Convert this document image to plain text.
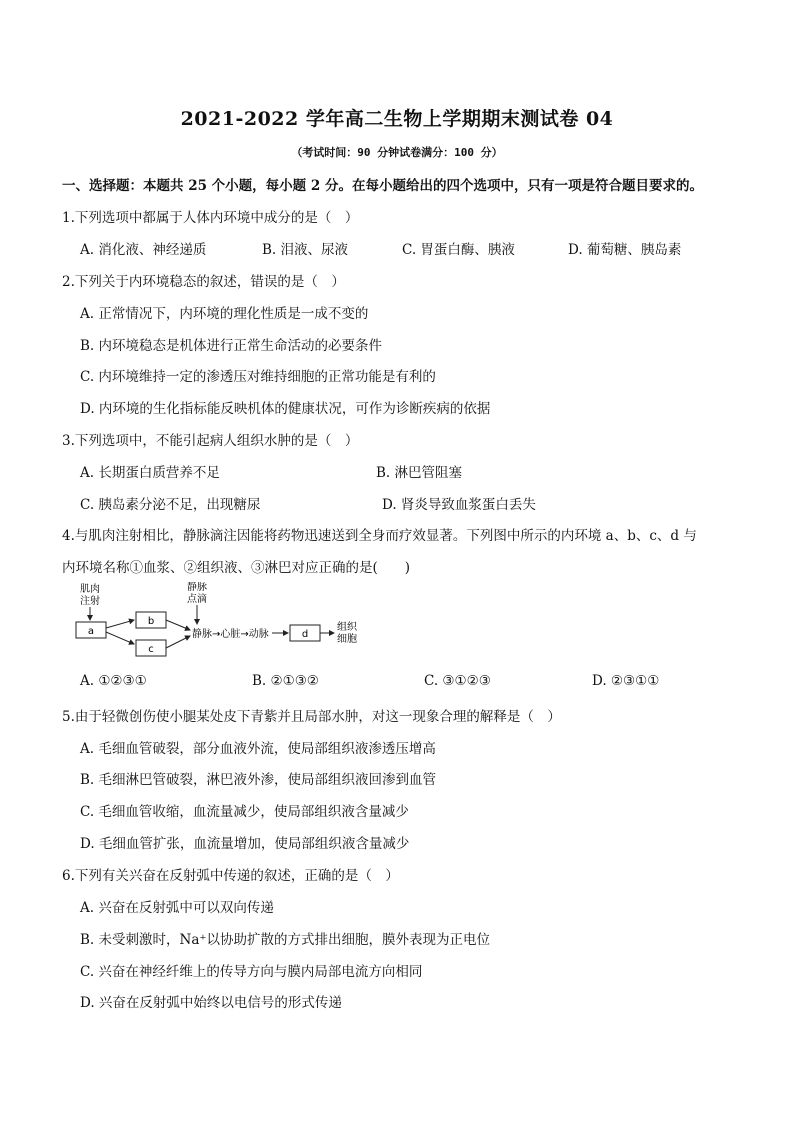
2021-2022 学年高二生物上学期期末测试卷 04
（考试时间：90 分钟试卷满分：100 分）
一、选择题：本题共 25 个小题，每小题 2 分。在每小题给出的四个选项中，只有一项是符合题目要求的。
1.下列选项中都属于人体内环境中成分的是（　）
A. 消化液、神经递质	B. 泪液、尿液	C. 胃蛋白酶、胰液	D. 葡萄糖、胰岛素
2.下列关于内环境稳态的叙述，错误的是（　）
A. 正常情况下，内环境的理化性质是一成不变的
B. 内环境稳态是机体进行正常生命活动的必要条件
C. 内环境维持一定的渗透压对维持细胞的正常功能是有利的
D. 内环境的生化指标能反映机体的健康状况，可作为诊断疾病的依据
3.下列选项中，不能引起病人组织水肿的是（　）
A. 长期蛋白质营养不足	B. 淋巴管阻塞
C. 胰岛素分泌不足，出现糖尿	D. 肾炎导致血浆蛋白丢失
4.与肌肉注射相比，静脉滴注因能将药物迅速送到全身而疗效显著。下列图中所示的内环境 a、b、c、d 与
内环境名称①血浆、②组织液、③淋巴对应正确的是(　　)
肌肉
注射
a
b
c
静脉
点滴
静脉→心脏→动脉	d
组织
细胞
A. ①②③①	B. ②①③②	C. ③①②③	D. ②③①①
5.由于轻微创伤使小腿某处皮下青紫并且局部水肿，对这一现象合理的解释是（　）
A. 毛细血管破裂，部分血液外流，使局部组织液渗透压增高
B. 毛细淋巴管破裂，淋巴液外渗，使局部组织液回渗到血管
C. 毛细血管收缩，血流量减少，使局部组织液含量减少
D. 毛细血管扩张，血流量增加，使局部组织液含量减少
6.下列有关兴奋在反射弧中传递的叙述，正确的是（　）
A. 兴奋在反射弧中可以双向传递
B. 未受刺激时，Na⁺以协助扩散的方式排出细胞，膜外表现为正电位
C. 兴奋在神经纤维上的传导方向与膜内局部电流方向相同
D. 兴奋在反射弧中始终以电信号的形式传递
